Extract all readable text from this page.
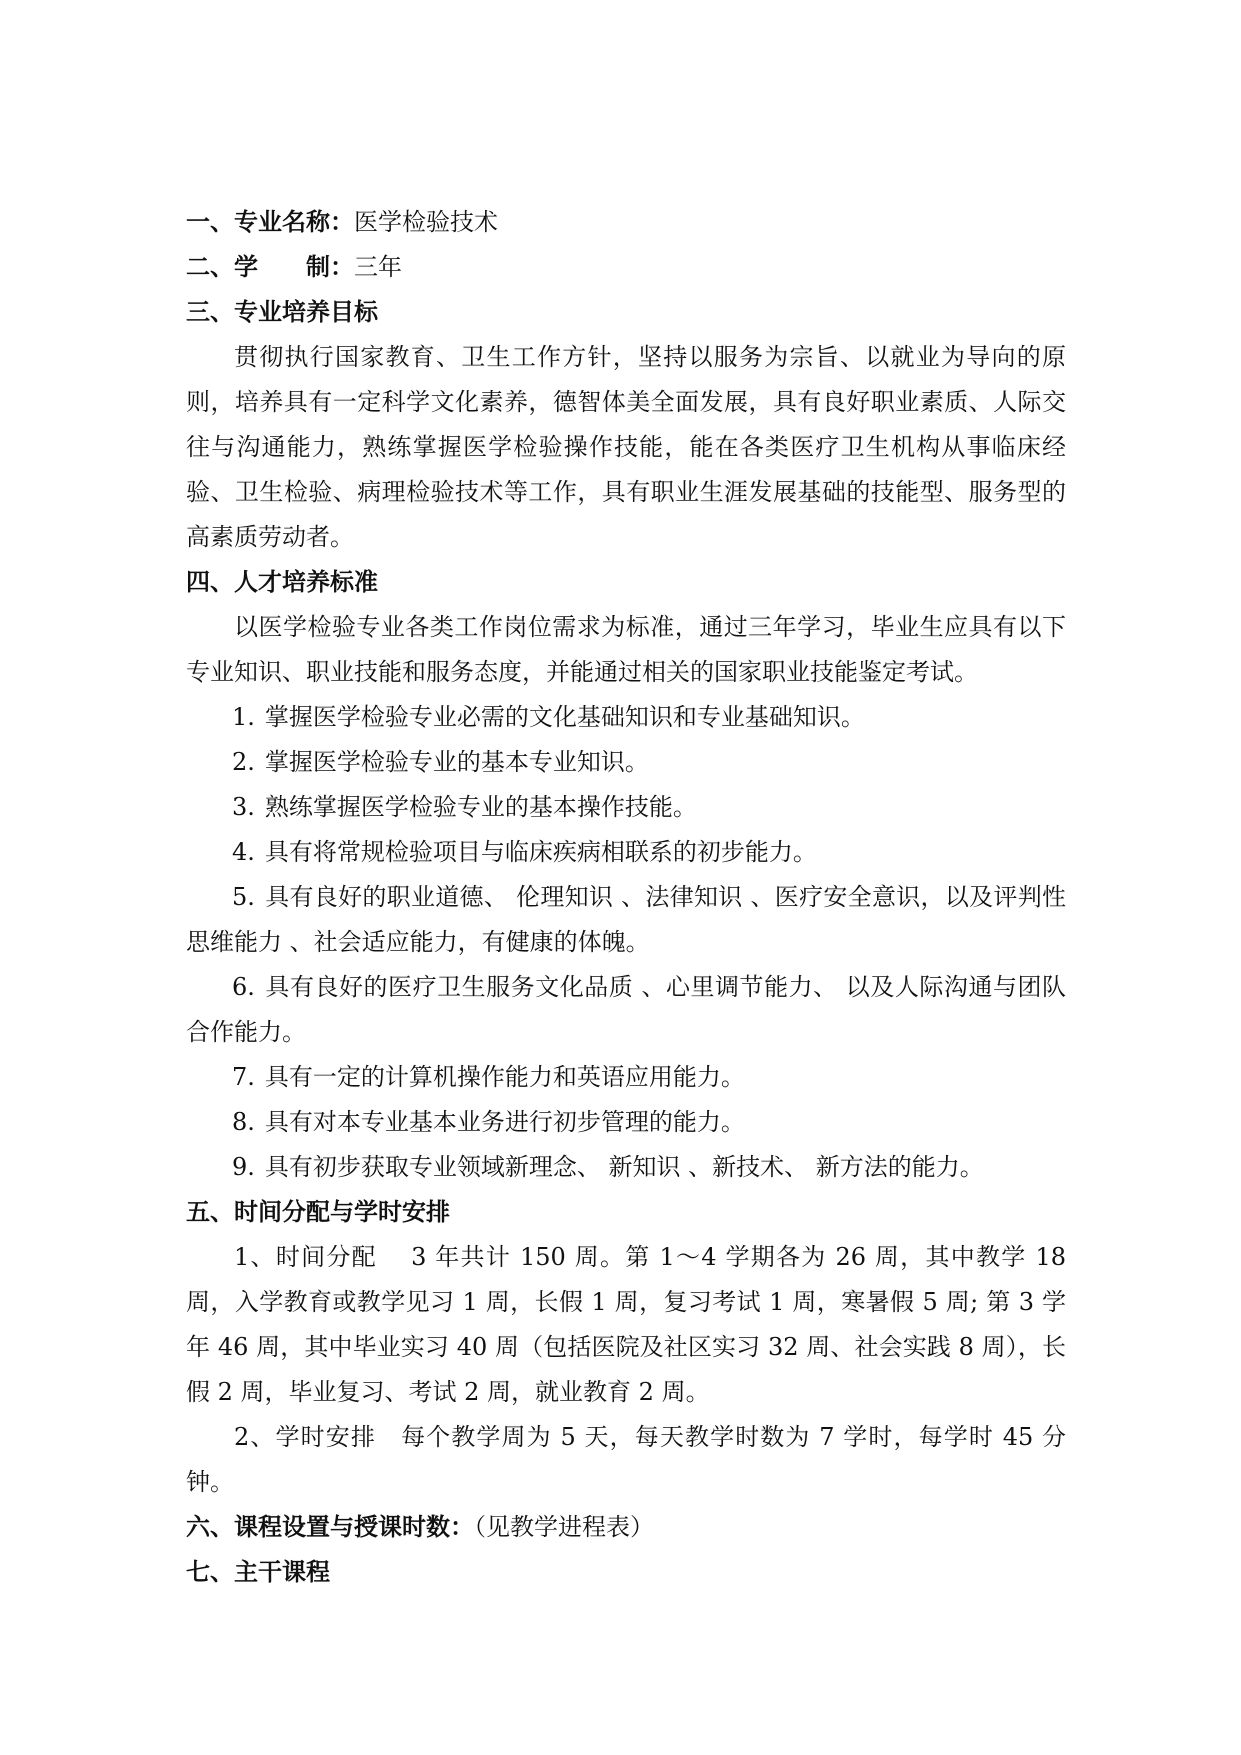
一、专业名称：医学检验技术
二、学　　制：三年
三、专业培养目标

贯彻执行国家教育、卫生工作方针，坚持以服务为宗旨、以就业为导向的原则，培养具有一定科学文化素养，德智体美全面发展，具有良好职业素质、人际交往与沟通能力，熟练掌握医学检验操作技能，能在各类医疗卫生机构从事临床经验、卫生检验、病理检验技术等工作，具有职业生涯发展基础的技能型、服务型的高素质劳动者。

四、人才培养标准

以医学检验专业各类工作岗位需求为标准，通过三年学习，毕业生应具有以下专业知识、职业技能和服务态度，并能通过相关的国家职业技能鉴定考试。

1. 掌握医学检验专业必需的文化基础知识和专业基础知识。

2. 掌握医学检验专业的基本专业知识。

3. 熟练掌握医学检验专业的基本操作技能。

4. 具有将常规检验项目与临床疾病相联系的初步能力。

5. 具有良好的职业道德、 伦理知识 、法律知识 、医疗安全意识，以及评判性思维能力 、社会适应能力，有健康的体魄。

6. 具有良好的医疗卫生服务文化品质 、心里调节能力、 以及人际沟通与团队合作能力。

7. 具有一定的计算机操作能力和英语应用能力。

8. 具有对本专业基本业务进行初步管理的能力。

9. 具有初步获取专业领域新理念、 新知识 、新技术、 新方法的能力。

五、时间分配与学时安排

1、时间分配　 3 年共计 150 周。第 1～4 学期各为 26 周，其中教学 18 周，入学教育或教学见习 1 周，长假 1 周，复习考试 1 周，寒暑假 5 周; 第 3 学年 46 周，其中毕业实习 40 周（包括医院及社区实习 32 周、社会实践 8 周），长假 2 周，毕业复习、考试 2 周，就业教育 2 周。

2、学时安排　每个教学周为 5 天，每天教学时数为 7 学时，每学时 45 分钟。

六、课程设置与授课时数：（见教学进程表）
七、主干课程
